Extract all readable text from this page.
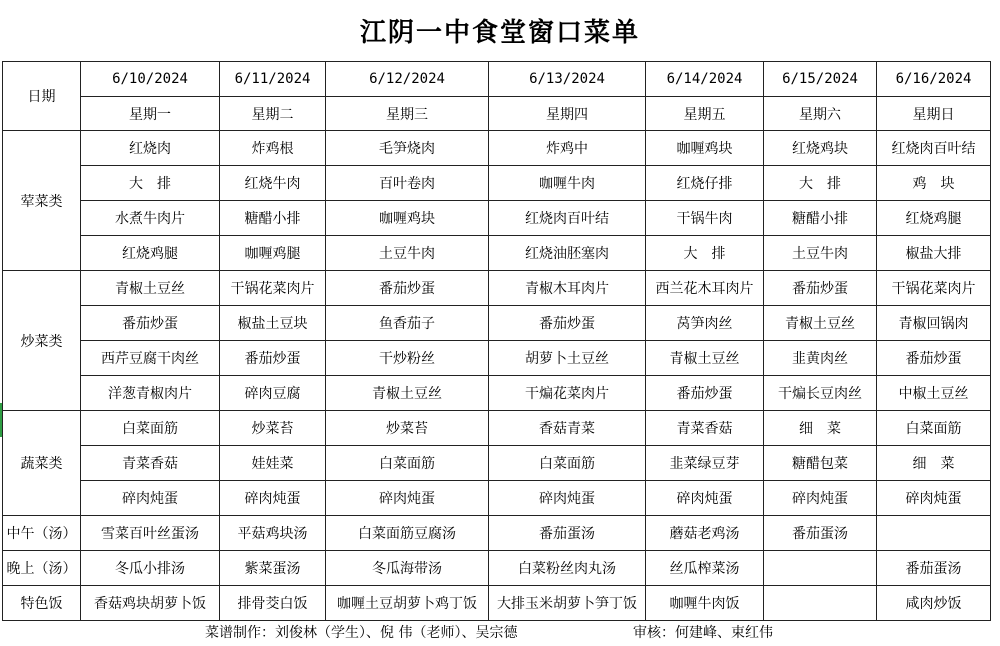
江阴一中食堂窗口菜单
日期	6/10/2024	6/11/2024	6/12/2024	6/13/2024	6/14/2024	6/15/2024	6/16/2024
	星期一	星期二	星期三	星期四	星期五	星期六	星期日
荤菜类	红烧肉	炸鸡根	毛笋烧肉	炸鸡中	咖喱鸡块	红烧鸡块	红烧肉百叶结
	大　排	红烧牛肉	百叶卷肉	咖喱牛肉	红烧仔排	大　排	鸡　块
	水煮牛肉片	糖醋小排	咖喱鸡块	红烧肉百叶结	干锅牛肉	糖醋小排	红烧鸡腿
	红烧鸡腿	咖喱鸡腿	土豆牛肉	红烧油胚塞肉	大　排	土豆牛肉	椒盐大排
炒菜类	青椒土豆丝	干锅花菜肉片	番茄炒蛋	青椒木耳肉片	西兰花木耳肉片	番茄炒蛋	干锅花菜肉片
	番茄炒蛋	椒盐土豆块	鱼香茄子	番茄炒蛋	莴笋肉丝	青椒土豆丝	青椒回锅肉
	西芹豆腐干肉丝	番茄炒蛋	干炒粉丝	胡萝卜土豆丝	青椒土豆丝	韭黄肉丝	番茄炒蛋
	洋葱青椒肉片	碎肉豆腐	青椒土豆丝	干煸花菜肉片	番茄炒蛋	干煸长豆肉丝	中椒土豆丝
蔬菜类	白菜面筋	炒菜苔	炒菜苔	香菇青菜	青菜香菇	细　菜	白菜面筋
	青菜香菇	娃娃菜	白菜面筋	白菜面筋	韭菜绿豆芽	糖醋包菜	细　菜
	碎肉炖蛋	碎肉炖蛋	碎肉炖蛋	碎肉炖蛋	碎肉炖蛋	碎肉炖蛋	碎肉炖蛋
中午（汤）	雪菜百叶丝蛋汤	平菇鸡块汤	白菜面筋豆腐汤	番茄蛋汤	蘑菇老鸡汤	番茄蛋汤	
晚上（汤）	冬瓜小排汤	紫菜蛋汤	冬瓜海带汤	白菜粉丝肉丸汤	丝瓜榨菜汤		番茄蛋汤
特色饭	香菇鸡块胡萝卜饭	排骨茭白饭	咖喱土豆胡萝卜鸡丁饭	大排玉米胡萝卜笋丁饭	咖喱牛肉饭		咸肉炒饭
菜谱制作：刘俊林（学生）、倪 伟（老师）、吴宗德	审核：何建峰、束红伟
